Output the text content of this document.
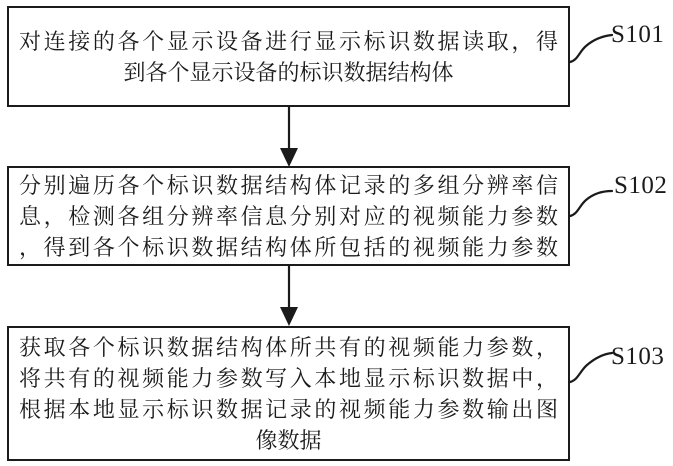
对连接的各个显示设备进行显示标识数据读取，得
到各个显示设备的标识数据结构体
分别遍历各个标识数据结构体记录的多组分辨率信
息，检测各组分辨率信息分别对应的视频能力参数
，得到各个标识数据结构体所包括的视频能力参数
获取各个标识数据结构体所共有的视频能力参数，
将共有的视频能力参数写入本地显示标识数据中，
根据本地显示标识数据记录的视频能力参数输出图
像数据
S101
S102
S103
